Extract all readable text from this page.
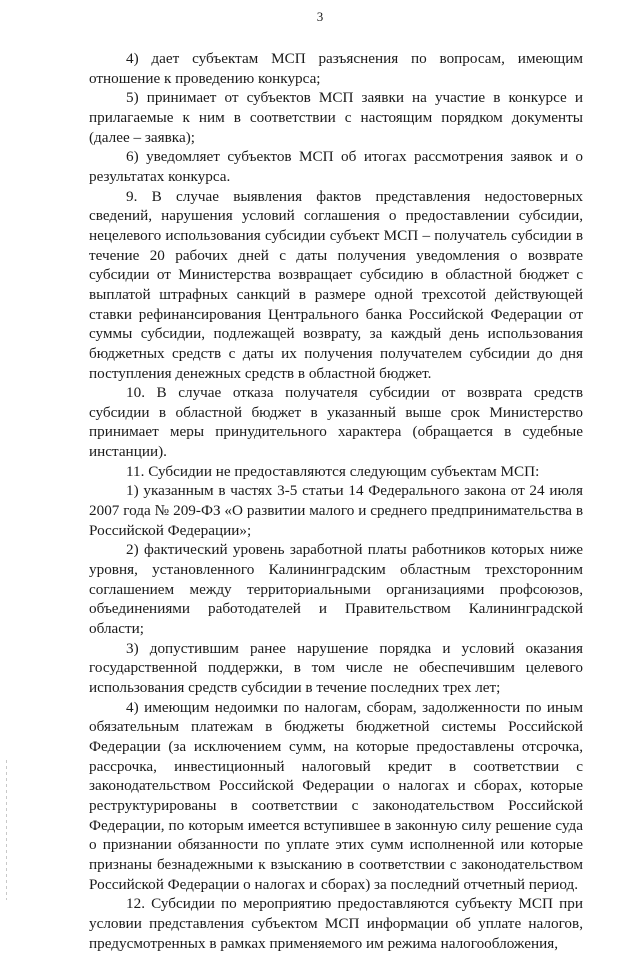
3

4) дает субъектам МСП разъяснения по вопросам, имеющим отношение к проведению конкурса;

5) принимает от субъектов МСП заявки на участие в конкурсе и прилагаемые к ним в соответствии с настоящим порядком документы (далее – заявка);

6) уведомляет субъектов МСП об итогах рассмотрения заявок и о результатах конкурса.

9. В случае выявления фактов представления недостоверных сведений, нарушения условий соглашения о предоставлении субсидии, нецелевого использования субсидии субъект МСП – получатель субсидии в течение 20 рабочих дней с даты получения уведомления о возврате субсидии от Министерства возвращает субсидию в областной бюджет с выплатой штрафных санкций в размере одной трехсотой действующей ставки рефинансирования Центрального банка Российской Федерации от суммы субсидии, подлежащей возврату, за каждый день использования бюджетных средств с даты их получения получателем субсидии до дня поступления денежных средств в областной бюджет.

10. В случае отказа получателя субсидии от возврата средств субсидии в областной бюджет в указанный выше срок Министерство принимает меры принудительного характера (обращается в судебные инстанции).

11. Субсидии не предоставляются следующим субъектам МСП:

1) указанным в частях 3-5 статьи 14 Федерального закона от 24 июля 2007 года № 209-ФЗ «О развитии малого и среднего предпринимательства в Российской Федерации»;

2) фактический уровень заработной платы работников которых ниже уровня, установленного Калининградским областным трехсторонним соглашением между территориальными организациями профсоюзов, объединениями работодателей и Правительством Калининградской области;

3) допустившим ранее нарушение порядка и условий оказания государственной поддержки, в том числе не обеспечившим целевого использования средств субсидии в течение последних трех лет;

4) имеющим недоимки по налогам, сборам, задолженности по иным обязательным платежам в бюджеты бюджетной системы Российской Федерации (за исключением сумм, на которые предоставлены отсрочка, рассрочка, инвестиционный налоговый кредит в соответствии с законодательством Российской Федерации о налогах и сборах, которые реструктурированы в соответствии с законодательством Российской Федерации, по которым имеется вступившее в законную силу решение суда о признании обязанности по уплате этих сумм исполненной или которые признаны безнадежными к взысканию в соответствии с законодательством Российской Федерации о налогах и сборах) за последний отчетный период.

12. Субсидии по мероприятию предоставляются субъекту МСП при условии представления субъектом МСП информации об уплате налогов, предусмотренных в рамках применяемого им режима налогообложения,
